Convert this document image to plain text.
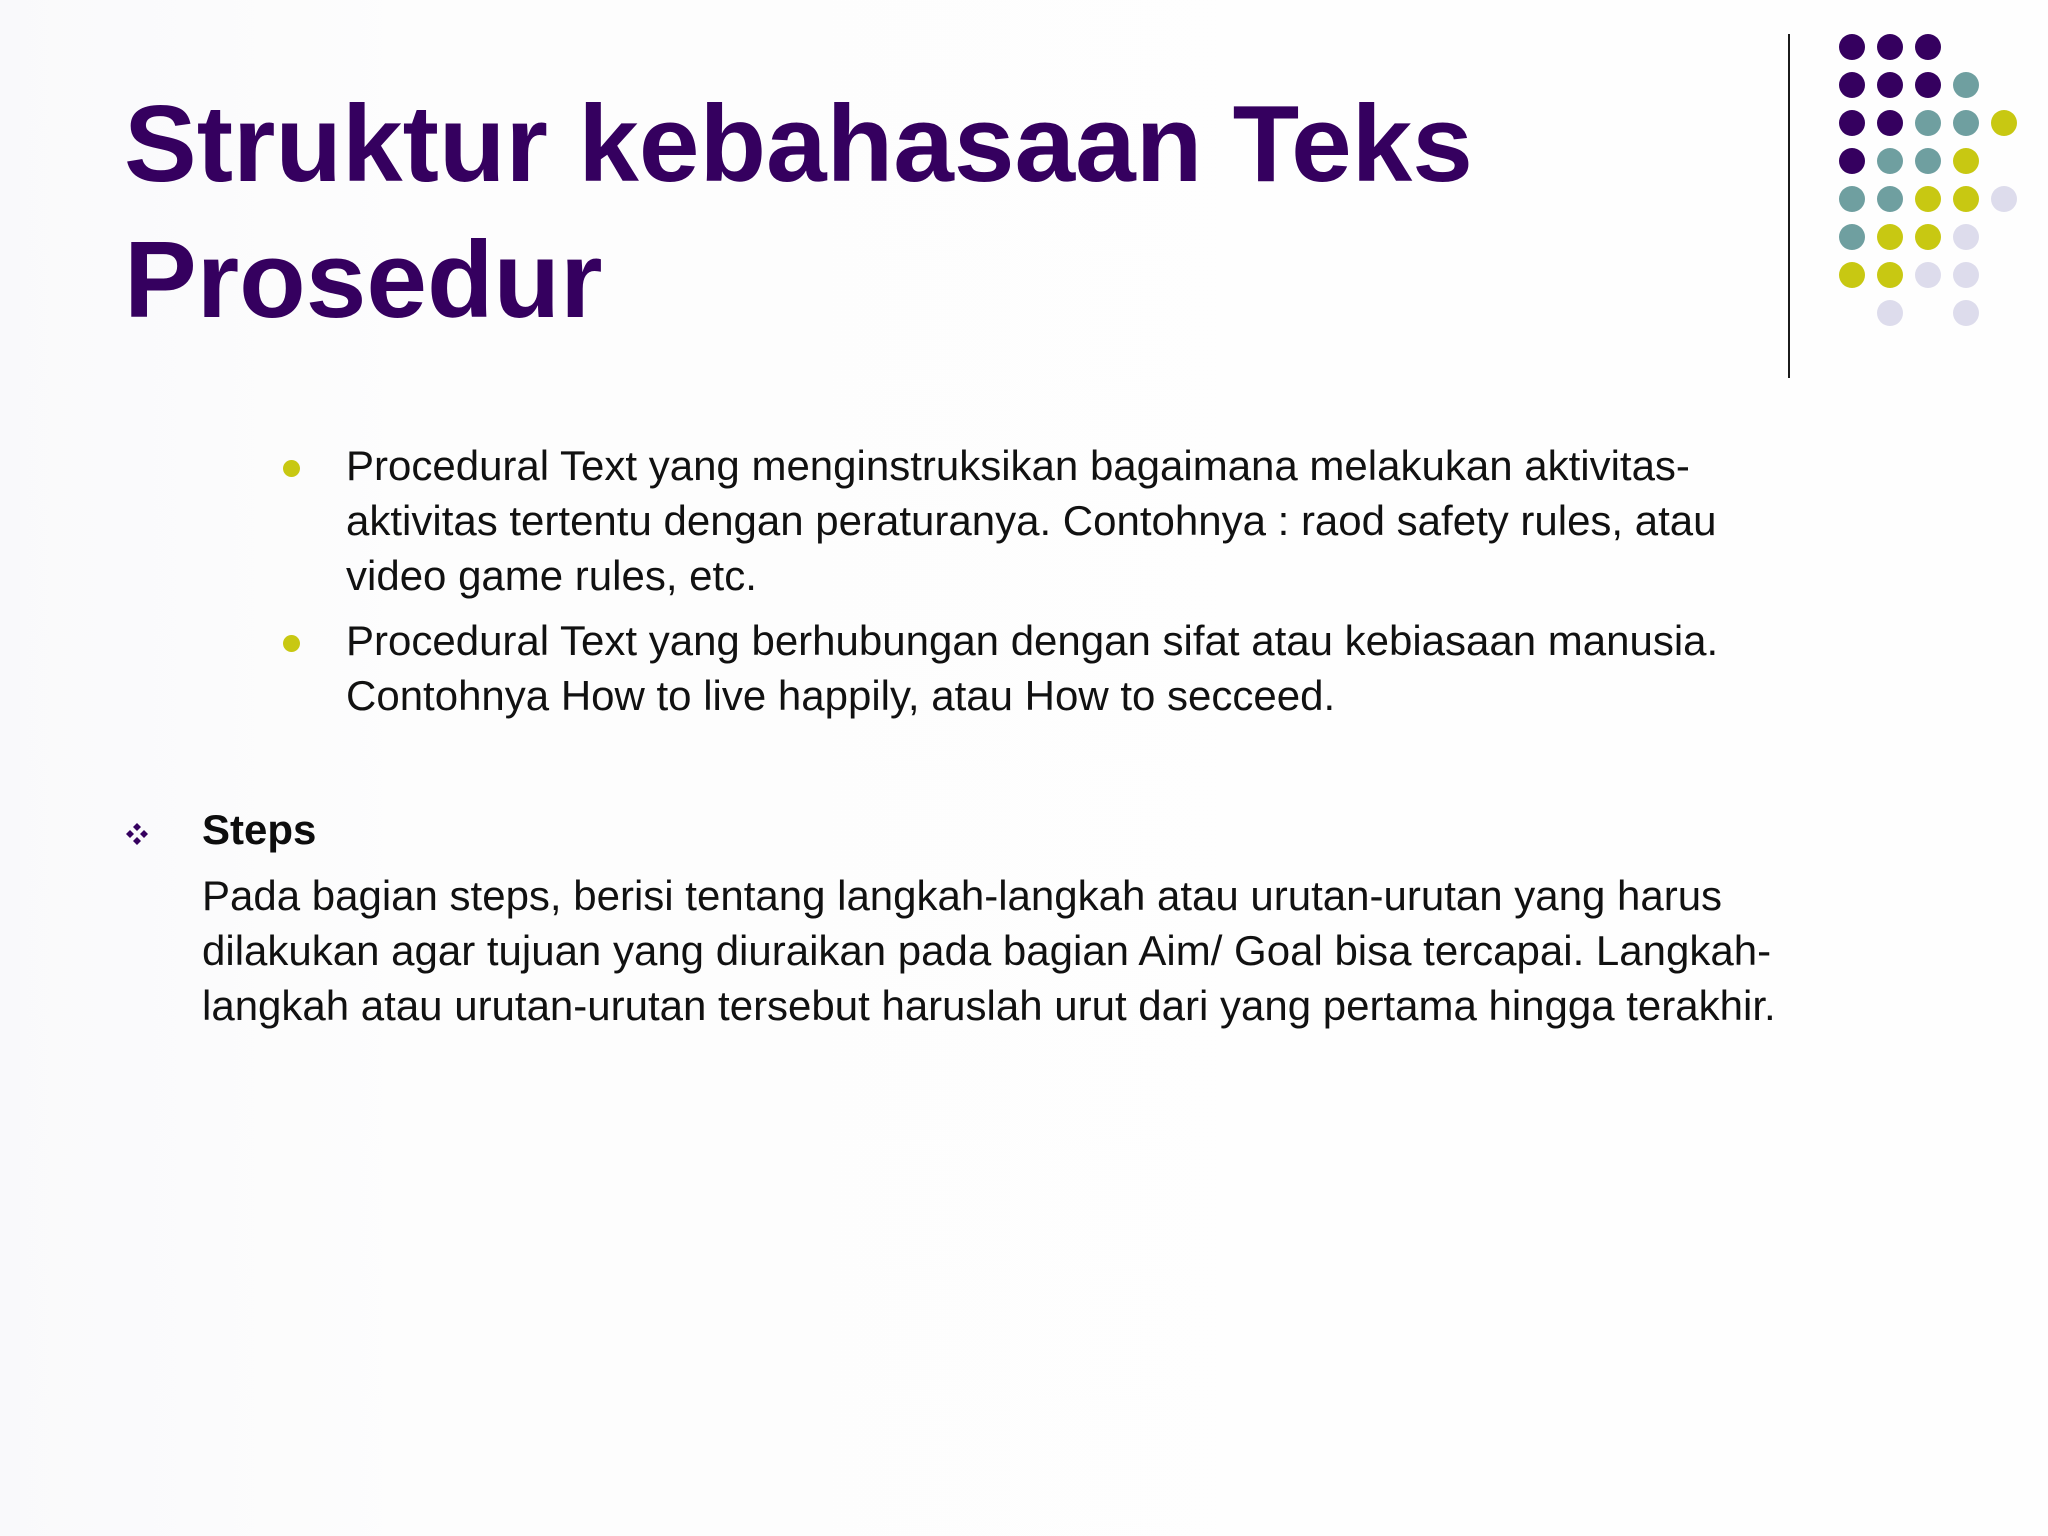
Struktur kebahasaan Teks
Prosedur
Procedural Text yang menginstruksikan bagaimana melakukan aktivitas-
aktivitas tertentu dengan peraturanya. Contohnya : raod safety rules, atau
video game rules, etc.
Procedural Text yang berhubungan dengan sifat atau kebiasaan manusia.
Contohnya How to live happily, atau How to secceed.
Steps

Pada bagian steps, berisi tentang langkah-langkah atau urutan-urutan yang harus
dilakukan agar tujuan yang diuraikan pada bagian Aim/ Goal bisa tercapai. Langkah-
langkah atau urutan-urutan tersebut haruslah urut dari yang pertama hingga terakhir.
